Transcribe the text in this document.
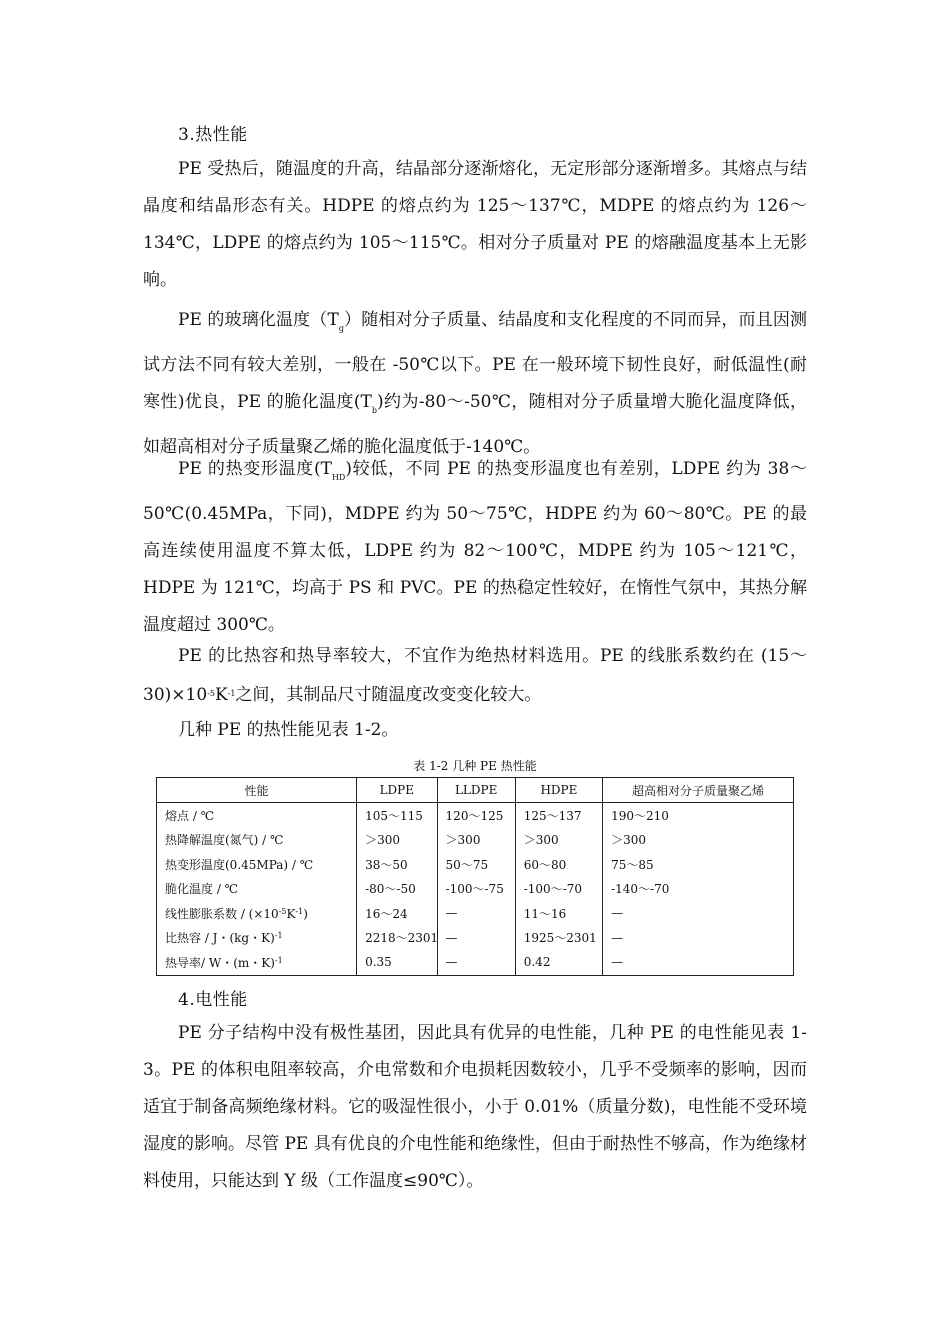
3.热性能

PE 受热后，随温度的升高，结晶部分逐渐熔化，无定形部分逐渐增多。其熔点与结晶度和结晶形态有关。HDPE 的熔点约为 125～137℃，MDPE 的熔点约为 126～134℃，LDPE 的熔点约为 105～115℃。相对分子质量对 PE 的熔融温度基本上无影响。

PE 的玻璃化温度$(T_g)$随相对分子质量、结晶度和支化程度的不同而异，而且因测试方法不同有较大差别，一般在 -50℃以下。PE 在一般环境下韧性良好，耐低温性(耐寒性)优良，PE 的脆化温度$(T_b)$约为-80～-50℃，随相对分子质量增大脆化温度降低，如超高相对分子质量聚乙烯的脆化温度低于-140℃。

PE 的热变形温度$(T_{HD})$较低，不同 PE 的热变形温度也有差别，LDPE 约为 38～50℃(0.45MPa，下同)，MDPE 约为 50～75℃，HDPE 约为 60～80℃。PE 的最高连续使用温度不算太低，LDPE 约为 82～100℃，MDPE 约为 105～121℃，HDPE 为 121℃，均高于 PS 和 PVC。PE 的热稳定性较好，在惰性气氛中，其热分解温度超过 300℃。

PE 的比热容和热导率较大，不宜作为绝热材料选用。PE 的线胀系数约在 $(15\sim 30)\times 10^{-5}K^{-1}$之间，其制品尺寸随温度改变变化较大。

几种 PE 的热性能见表 1-2。

表 1-2 几种 PE 热性能
性能	LDPE	LLDPE	HDPE	超高相对分子质量聚乙烯
熔点 / ℃	105～115	120～125	125～137	190～210
热降解温度(氮气) / ℃	＞300	＞300	＞300	＞300
热变形温度(0.45MPa) / ℃	38～50	50～75	60～80	75～85
脆化温度 / ℃	-80～-50	-100～-75	-100～-70	-140～-70
线性膨胀系数 / $(\times 10^{-5}K^{-1})$	16～24	—	11～16	—
比热容 / J・(kg・K)$^{-1}$	2218～2301	—	1925～2301	—
热导率/ W・(m・K)$^{-1}$	0.35	—	0.42	—
4.电性能

PE 分子结构中没有极性基团，因此具有优异的电性能，几种 PE 的电性能见表 1-3。PE 的体积电阻率较高，介电常数和介电损耗因数较小，几乎不受频率的影响，因而适宜于制备高频绝缘材料。它的吸湿性很小，小于 0.01%（质量分数)，电性能不受环境湿度的影响。尽管 PE 具有优良的介电性能和绝缘性，但由于耐热性不够高，作为绝缘材料使用，只能达到 Y 级（工作温度≤90℃）。
